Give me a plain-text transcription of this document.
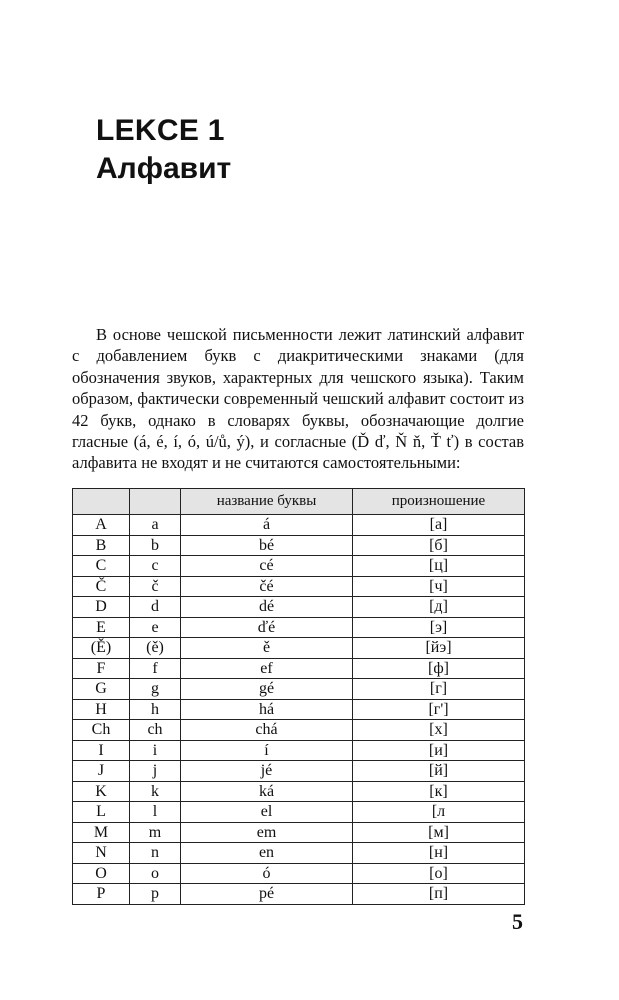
LEKCE 1
Алфавит

В основе чешской письменности лежит латинский алфавит с добавлением букв с диакритическими знаками (для обозначения звуков, характерных для чешского языка). Таким образом, фактически современный чешский алфавит состоит из 42 букв, однако в словарях буквы, обозначающие долгие гласные (á, é, í, ó, ú/ů, ý), и согласные (Ď ď, Ň ň, Ť ť) в состав алфавита не входят и не считаются самостоятельными:

		название буквы	произношение
A	a	á	[а]
B	b	bé	[б]
C	c	cé	[ц]
Č	č	čé	[ч]
D	d	dé	[д]
E	e	ďé	[э]
(Ě)	(ě)	ě	[йэ]
F	f	ef	[ф]
G	g	gé	[г]
H	h	há	[г']
Ch	ch	chá	[х]
I	i	í	[и]
J	j	jé	[й]
K	k	ká	[к]
L	l	el	[л
M	m	em	[м]
N	n	en	[н]
O	o	ó	[о]
P	p	pé	[п]
5
